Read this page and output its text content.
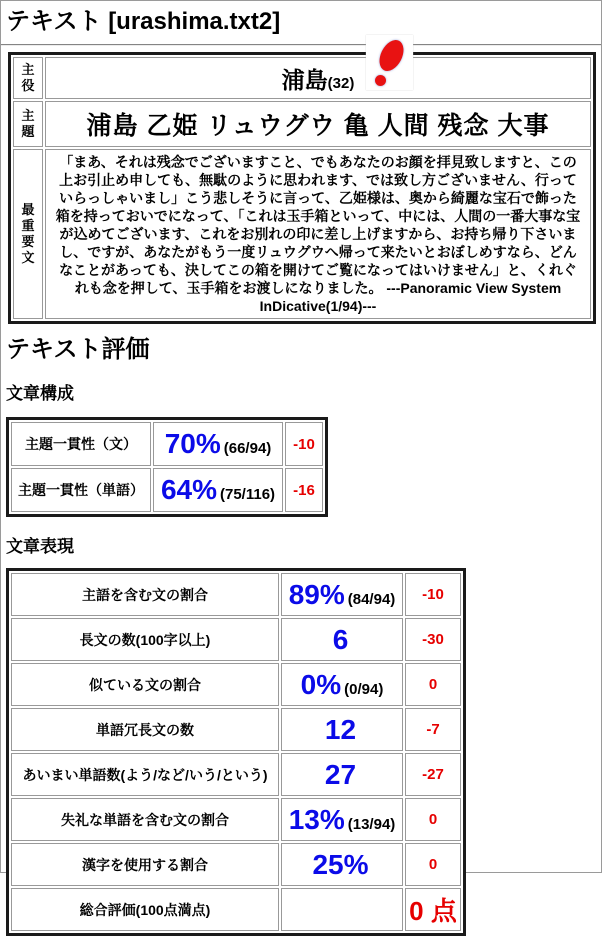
テキスト [urashima.txt2]
主役	浦島(32)
主題	浦島 乙姫 リュウグウ 亀 人間 残念 大事
最重要文	「まあ、それは残念でございますこと、でもあなたのお顔を拝見致しますと、この上お引止め申しても、無駄のように思われます、では致し方ございません、行っていらっしゃいまし」こう悲しそうに言って、乙姫様は、奥から綺麗な宝石で飾った箱を持っておいでになって、「これは玉手箱といって、中には、人間の一番大事な宝が込めてございます、これをお別れの印に差し上げますから、お持ち帰り下さいまし、ですが、あなたがもう一度リュウグウへ帰って来たいとおぼしめすなら、どんなことがあっても、決してこの箱を開けてご覧になってはいけません」と、くれぐれも念を押して、玉手箱をお渡しになりました。 ---Panoramic View System InDicative(1/94)---
テキスト評価
文章構成
主題一貫性（文）	70% (66/94)	-10
主題一貫性（単語）	64% (75/116)	-16
文章表現
主語を含む文の割合	89% (84/94)	-10
長文の数(100字以上)	6	-30
似ている文の割合	0% (0/94)	0
単語冗長文の数	12	-7
あいまい単語数(よう/など/いう/という)	27	-27
失礼な単語を含む文の割合	13% (13/94)	0
漢字を使用する割合	25%	0
総合評価(100点満点)		0 点
